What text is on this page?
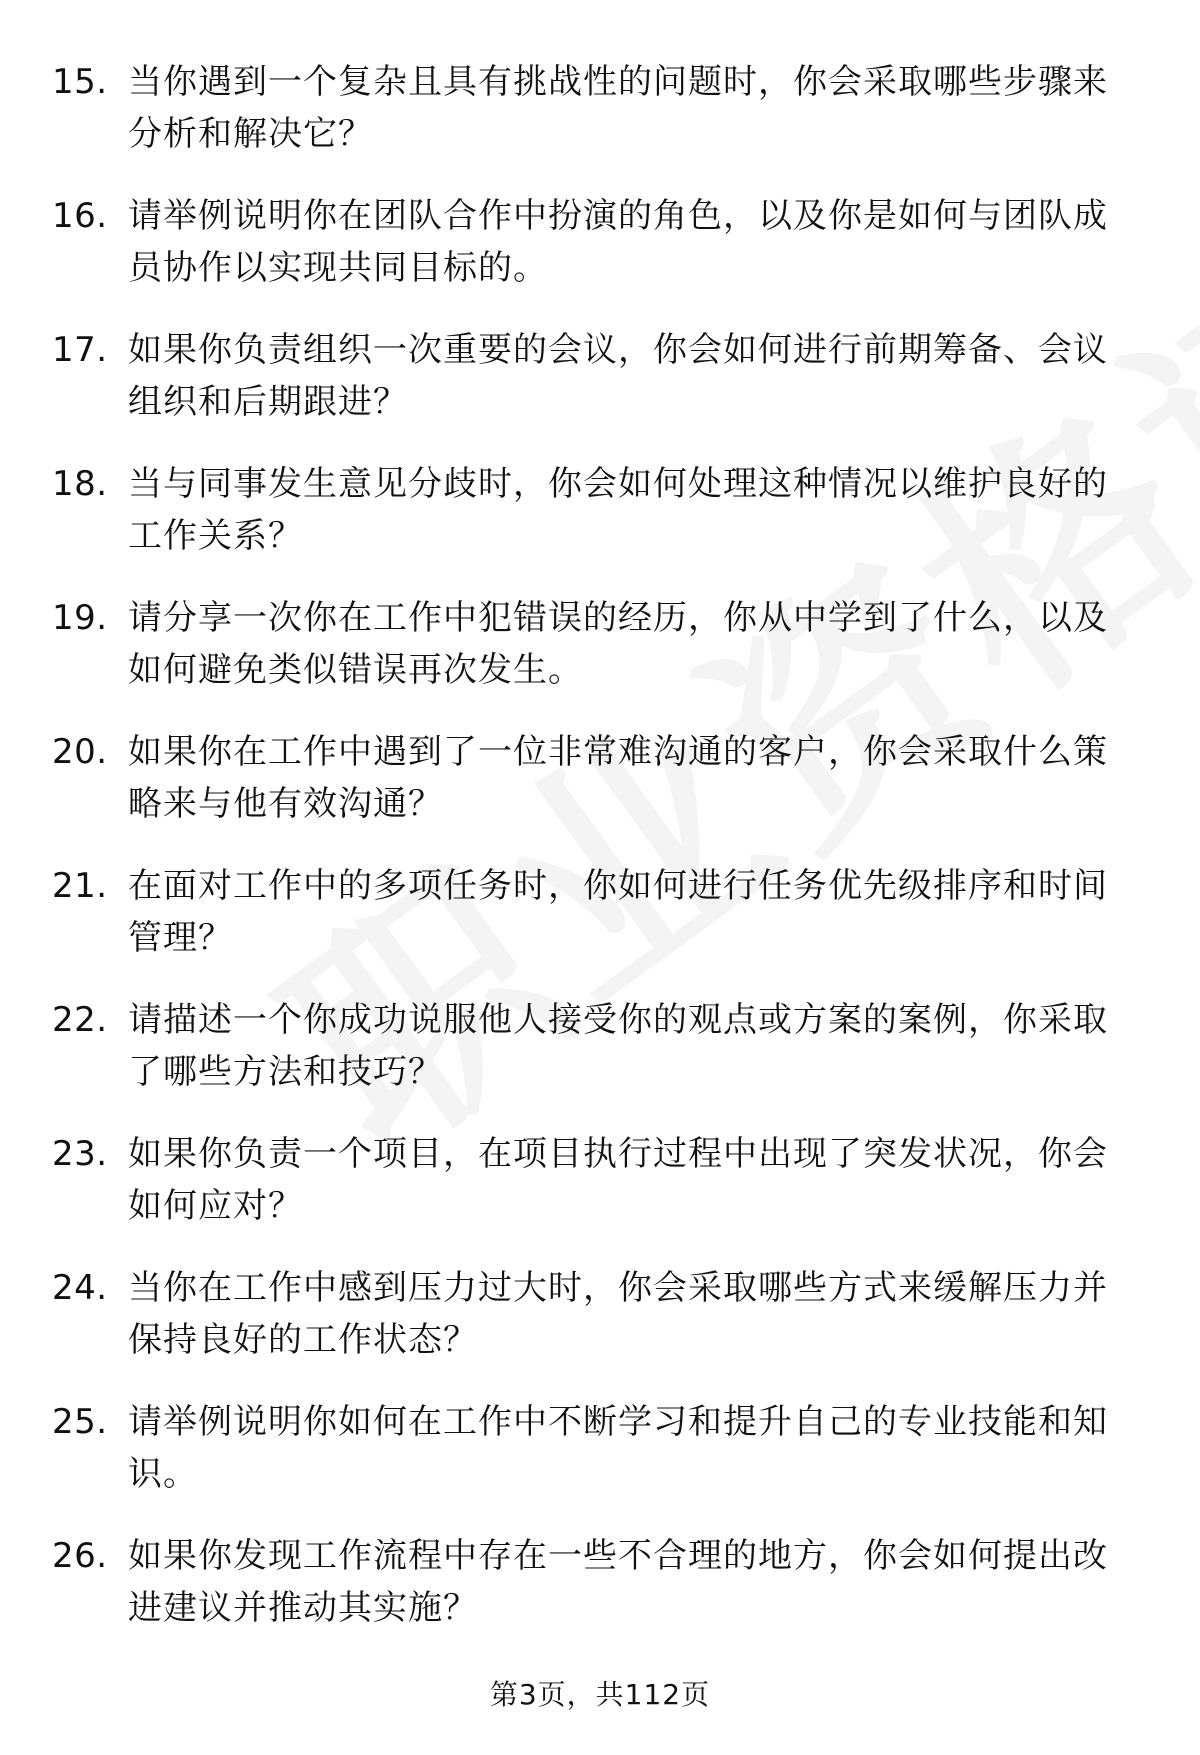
15. 当你遇到一个复杂且具有挑战性的问题时，你会采取哪些步骤来分析和解决它？
16. 请举例说明你在团队合作中扮演的角色，以及你是如何与团队成员协作以实现共同目标的。
17. 如果你负责组织一次重要的会议，你会如何进行前期筹备、会议组织和后期跟进？
18. 当与同事发生意见分歧时，你会如何处理这种情况以维护良好的工作关系？
19. 请分享一次你在工作中犯错误的经历，你从中学到了什么，以及如何避免类似错误再次发生。
20. 如果你在工作中遇到了一位非常难沟通的客户，你会采取什么策略来与他有效沟通？
21. 在面对工作中的多项任务时，你如何进行任务优先级排序和时间管理？
22. 请描述一个你成功说服他人接受你的观点或方案的案例，你采取了哪些方法和技巧？
23. 如果你负责一个项目，在项目执行过程中出现了突发状况，你会如何应对？
24. 当你在工作中感到压力过大时，你会采取哪些方式来缓解压力并保持良好的工作状态？
25. 请举例说明你如何在工作中不断学习和提升自己的专业技能和知识。
26. 如果你发现工作流程中存在一些不合理的地方，你会如何提出改进建议并推动其实施？
第3页，共112页
